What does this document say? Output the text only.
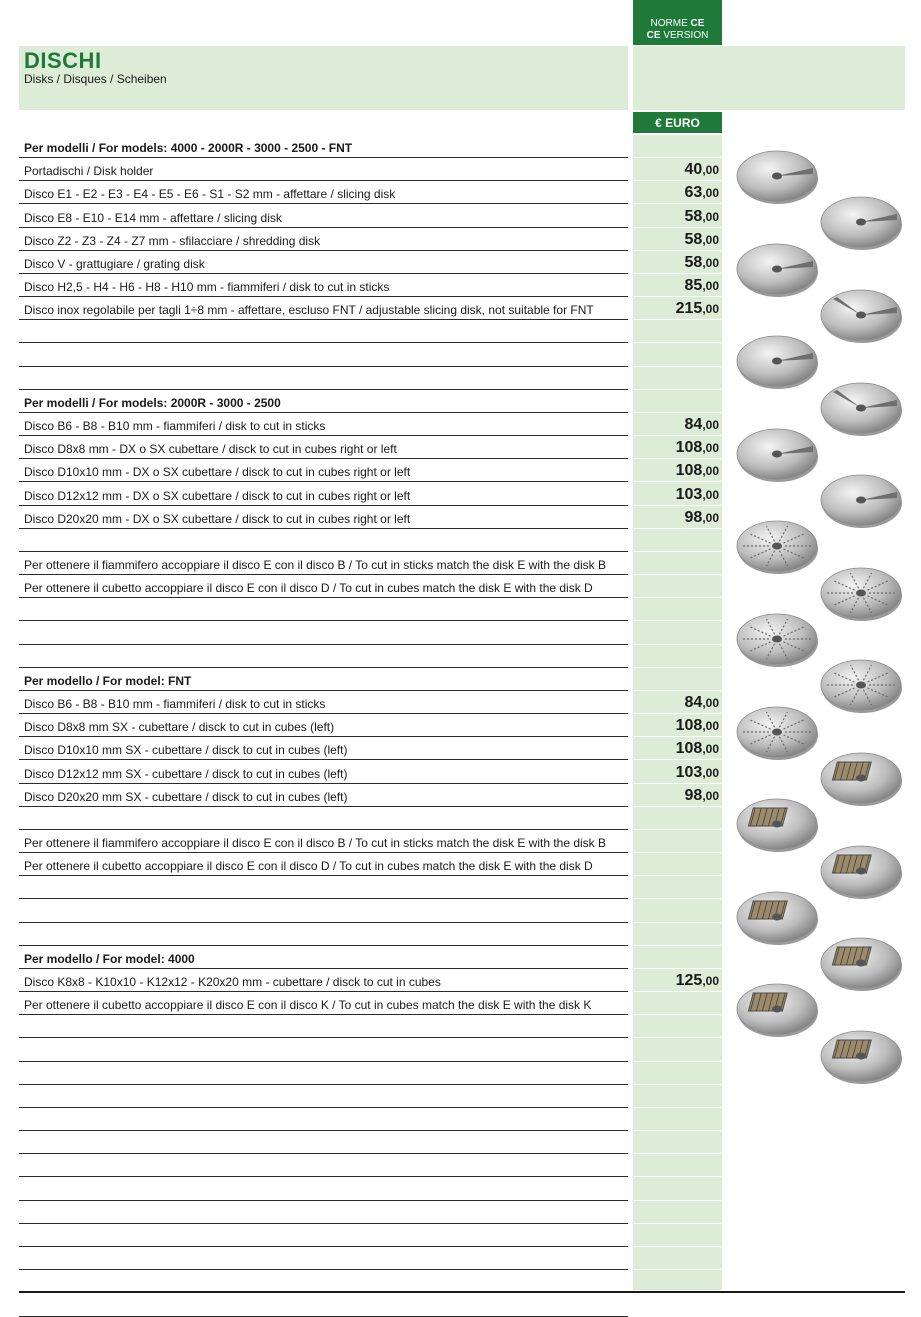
NORME CE
CE VERSION
DISCHI
Disks / Disques / Scheiben
€ EURO
Per modelli / For models: 4000 - 2000R - 3000 - 2500 - FNT
Portadischi / Disk holder	40,00
Disco E1 - E2 - E3 - E4 - E5 - E6 - S1 - S2 mm - affettare / slicing disk	63,00
Disco E8 - E10 - E14 mm - affettare / slicing disk	58,00
Disco Z2 - Z3 - Z4 - Z7 mm - sfilacciare / shredding disk	58,00
Disco V - grattugiare / grating disk	58,00
Disco H2,5 - H4 - H6 - H8 - H10 mm - fiammiferi / disk to cut in sticks	85,00
Disco inox regolabile per tagli 1÷8 mm - affettare, escluso FNT / adjustable slicing disk, not suitable for FNT	215,00
Per modelli / For models: 2000R - 3000 - 2500
Disco B6 - B8 - B10 mm - fiammiferi / disk to cut in sticks	84,00
Disco D8x8 mm - DX o SX cubettare / disck to cut in cubes right or left	108,00
Disco D10x10 mm - DX o SX cubettare / disck to cut in cubes right or left	108,00
Disco D12x12 mm - DX o SX cubettare / disck to cut in cubes right or left	103,00
Disco D20x20 mm - DX o SX cubettare / disck to cut in cubes right or left	98,00
Per ottenere il fiammifero accoppiare il disco E con il disco B / To cut in sticks match the disk E with the disk B
Per ottenere il cubetto accoppiare il disco E con il disco D / To cut in cubes match the disk E with the disk D
Per modello / For model: FNT
Disco B6 - B8 - B10 mm - fiammiferi / disk to cut in sticks	84,00
Disco D8x8 mm SX - cubettare / disck to cut in cubes (left)	108,00
Disco D10x10 mm SX - cubettare / disck to cut in cubes (left)	108,00
Disco D12x12 mm SX - cubettare / disck to cut in cubes (left)	103,00
Disco D20x20 mm SX - cubettare / disck to cut in cubes (left)	98,00
Per ottenere il fiammifero accoppiare il disco E con il disco B / To cut in sticks match the disk E with the disk B
Per ottenere il cubetto accoppiare il disco E con il disco D / To cut in cubes match the disk E with the disk D
Per modello / For model: 4000
Disco K8x8 - K10x10 - K12x12 - K20x20 mm - cubettare / disck to cut in cubes	125,00
Per ottenere il cubetto accoppiare il disco E con il disco K / To cut in cubes match the disk E with the disk K
